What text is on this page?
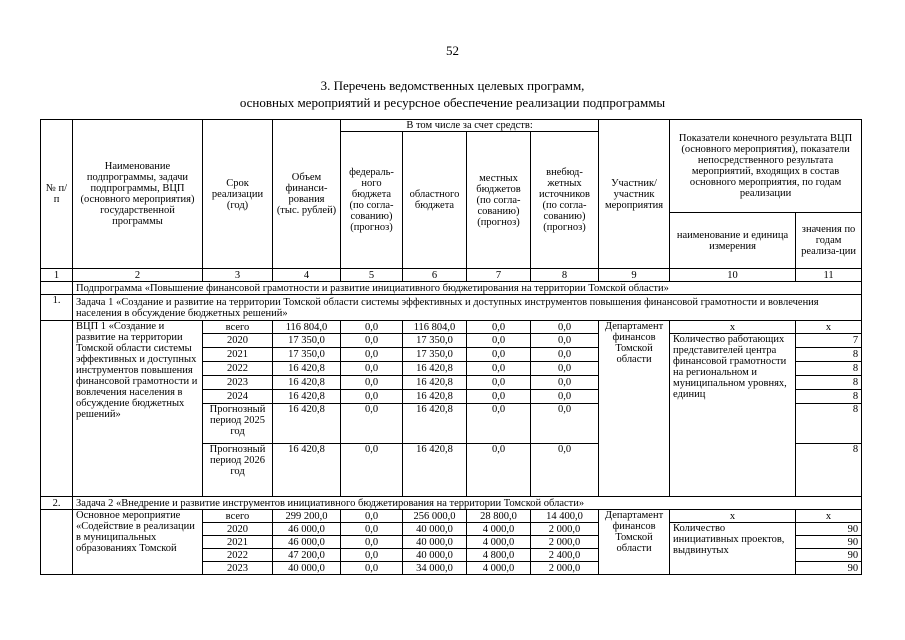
52
3. Перечень ведомственных целевых программ,
основных мероприятий и ресурсное обеспечение реализации подпрограммы
№ п/п	Наименование подпрограммы, задачи подпрограммы, ВЦП (основного мероприятия) государственной программы	Срок реализации (год)	Объем финанси-рования (тыс. рублей)	В том числе за счет средств:				Участник/ участник мероприятия	Показатели конечного результата ВЦП (основного мероприятия), показатели непосредственного результата мероприятий, входящих в состав основного мероприятия, по годам реализации	
				федераль-ного бюджета (по согла-сованию) (прогноз)	областного бюджета	местных бюджетов (по согла-сованию) (прогноз)	внебюд-жетных источников (по согла-сованию) (прогноз)			
									наименование и единица измерения	значения по годам реализа-ции
1	2	3	4	5	6	7	8	9	10	11
	Подпрограмма «Повышение финансовой грамотности и развитие инициативного бюджетирования на территории Томской области»									
1.	Задача 1 «Создание и развитие на территории Томской области системы эффективных и доступных инструментов повышения финансовой грамотности и вовлечения населения в обсуждение бюджетных решений»									
	ВЦП 1 «Создание и развитие на территории Томской области системы эффективных и доступных инструментов повышения финансовой грамотности и вовлечения населения в обсуждение бюджетных решений»	всего	116 804,0	0,0	116 804,0	0,0	0,0	Департамент финансов Томской области	x	x
		2020	17 350,0	0,0	17 350,0	0,0	0,0		Количество работающих представителей центра финансовой грамотности на региональном и муниципальном уровнях, единиц	7
		2021	17 350,0	0,0	17 350,0	0,0	0,0			8
		2022	16 420,8	0,0	16 420,8	0,0	0,0			8
		2023	16 420,8	0,0	16 420,8	0,0	0,0			8
		2024	16 420,8	0,0	16 420,8	0,0	0,0			8
		Прогнозный период 2025 год	16 420,8	0,0	16 420,8	0,0	0,0			8
		Прогнозный период 2026 год	16 420,8	0,0	16 420,8	0,0	0,0			8
2.	Задача 2 «Внедрение и развитие инструментов инициативного бюджетирования на территории Томской области»									
	Основное мероприятие «Содействие в реализации в муниципальных образованиях Томской	всего	299 200,0	0,0	256 000,0	28 800,0	14 400,0	Департамент финансов Томской области	x	x
		2020	46 000,0	0,0	40 000,0	4 000,0	2 000,0		Количество инициативных проектов, выдвинутых	90
		2021	46 000,0	0,0	40 000,0	4 000,0	2 000,0			90
		2022	47 200,0	0,0	40 000,0	4 800,0	2 400,0			90
		2023	40 000,0	0,0	34 000,0	4 000,0	2 000,0			90
